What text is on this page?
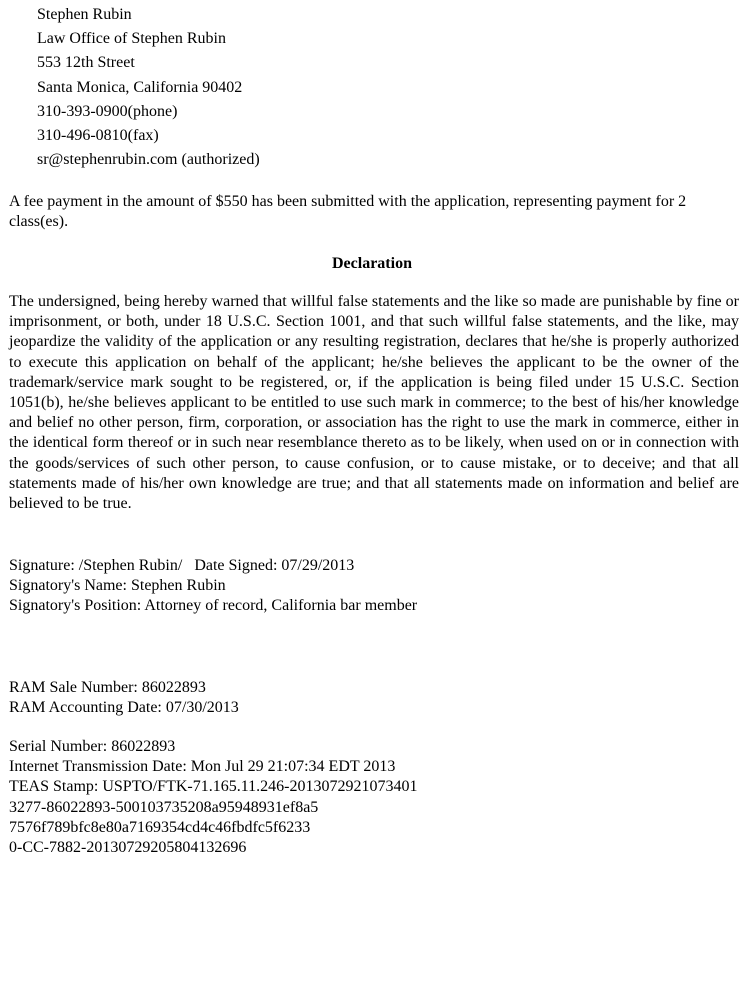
Stephen Rubin
Law Office of Stephen Rubin
553 12th Street
Santa Monica, California 90402
310-393-0900(phone)
310-496-0810(fax)
sr@stephenrubin.com (authorized)
A fee payment in the amount of $550 has been submitted with the application, representing payment for 2 class(es).
Declaration
The undersigned, being hereby warned that willful false statements and the like so made are punishable by fine or imprisonment, or both, under 18 U.S.C. Section 1001, and that such willful false statements, and the like, may jeopardize the validity of the application or any resulting registration, declares that he/she is properly authorized to execute this application on behalf of the applicant; he/she believes the applicant to be the owner of the trademark/service mark sought to be registered, or, if the application is being filed under 15 U.S.C. Section 1051(b), he/she believes applicant to be entitled to use such mark in commerce; to the best of his/her knowledge and belief no other person, firm, corporation, or association has the right to use the mark in commerce, either in the identical form thereof or in such near resemblance thereto as to be likely, when used on or in connection with the goods/services of such other person, to cause confusion, or to cause mistake, or to deceive; and that all statements made of his/her own knowledge are true; and that all statements made on information and belief are believed to be true.
Signature: /Stephen Rubin/   Date Signed: 07/29/2013
Signatory's Name: Stephen Rubin
Signatory's Position: Attorney of record, California bar member
RAM Sale Number: 86022893
RAM Accounting Date: 07/30/2013
Serial Number: 86022893
Internet Transmission Date: Mon Jul 29 21:07:34 EDT 2013
TEAS Stamp: USPTO/FTK-71.165.11.246-2013072921073401
3277-86022893-500103735208a95948931ef8a5
7576f789bfc8e80a7169354cd4c46fbdfc5f6233
0-CC-7882-20130729205804132696
